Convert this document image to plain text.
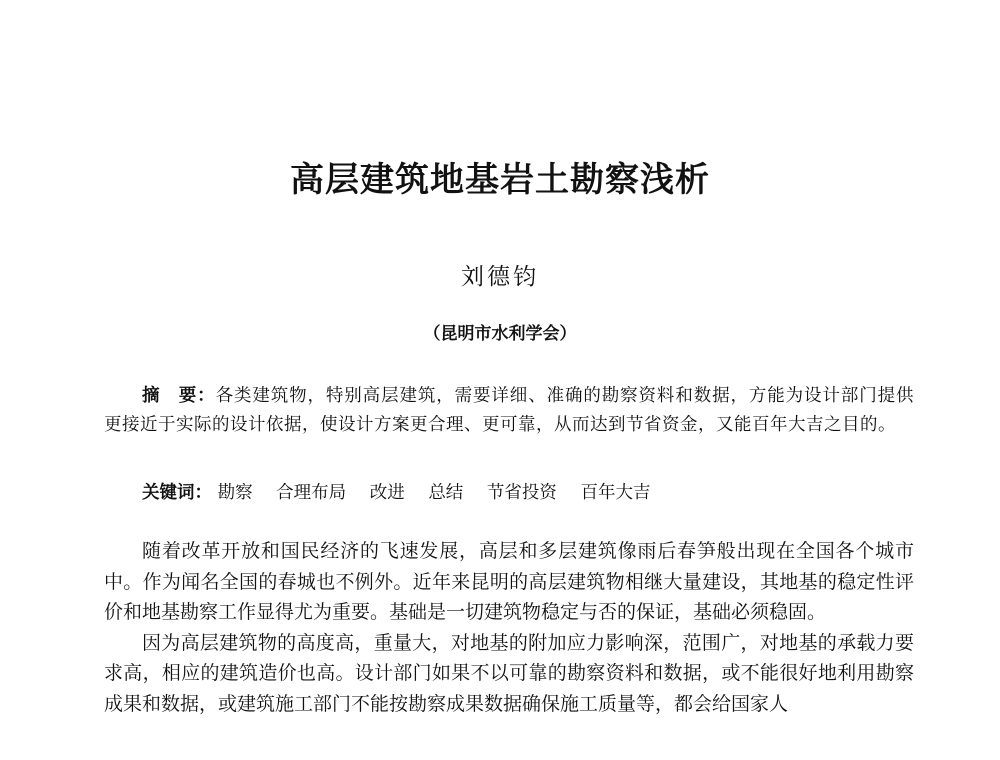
高层建筑地基岩土勘察浅析
刘德钧
（昆明市水利学会）
摘　要：各类建筑物，特别高层建筑，需要详细、准确的勘察资料和数据，方能为设计部门提供更接近于实际的设计依据，使设计方案更合理、更可靠，从而达到节省资金，又能百年大吉之目的。
关键词： 勘察 合理布局 改进 总结 节省投资 百年大吉

随着改革开放和国民经济的飞速发展，高层和多层建筑像雨后春笋般出现在全国各个城市中。作为闻名全国的春城也不例外。近年来昆明的高层建筑物相继大量建设，其地基的稳定性评价和地基勘察工作显得尤为重要。基础是一切建筑物稳定与否的保证，基础必须稳固。

因为高层建筑物的高度高，重量大，对地基的附加应力影响深，范围广，对地基的承载力要求高，相应的建筑造价也高。设计部门如果不以可靠的勘察资料和数据，或不能很好地利用勘察成果和数据，或建筑施工部门不能按勘察成果数据确保施工质量等，都会给国家人
